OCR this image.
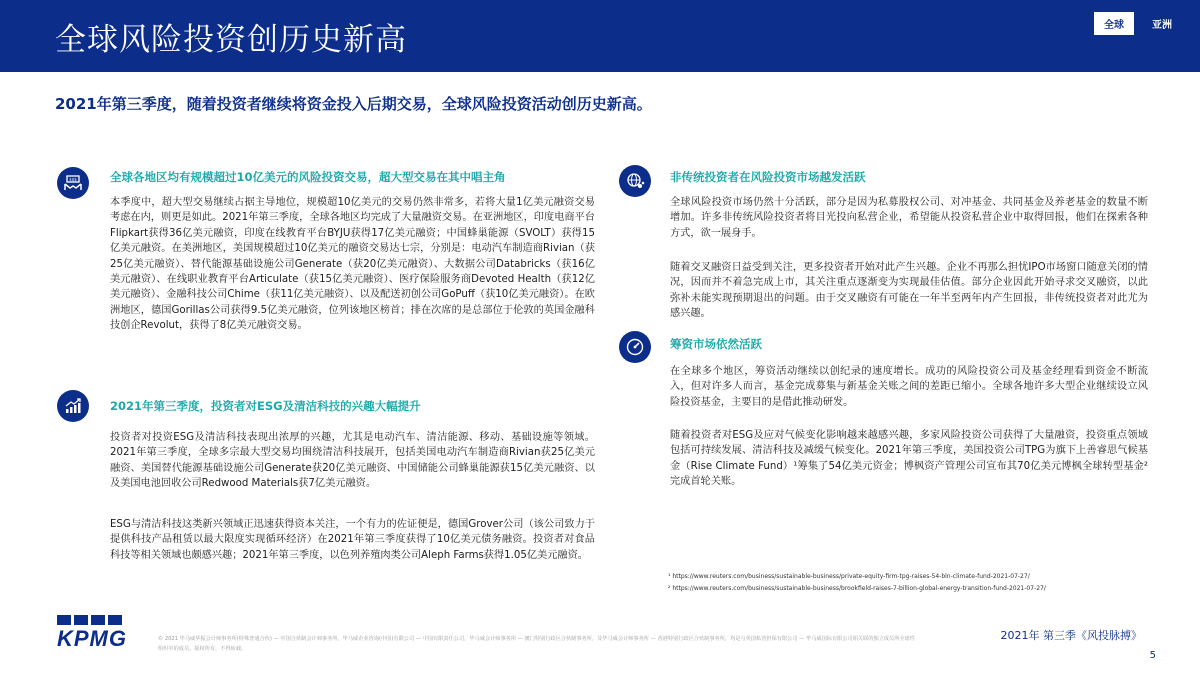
全球风险投资创历史新高	全球	亚洲
2021年第三季度，随着投资者继续将资金投入后期交易，全球风险投资活动创历史新高。
$$$	全球各地区均有规模超过10亿美元的风险投资交易，超大型交易在其中唱主角

本季度中，超大型交易继续占据主导地位，规模超10亿美元的交易仍然非常多，若将大量1亿美元融资交易考虑在内，则更是如此。2021年第三季度，全球各地区均完成了大量融资交易。在亚洲地区，印度电商平台Flipkart获得36亿美元融资，印度在线教育平台BYJU获得17亿美元融资；中国蜂巢能源（SVOLT）获得15亿美元融资。在美洲地区，美国规模超过10亿美元的融资交易达七宗，分别是：电动汽车制造商Rivian（获25亿美元融资）、替代能源基础设施公司Generate（获20亿美元融资）、大数据公司Databricks（获16亿美元融资）、在线职业教育平台Articulate（获15亿美元融资）、医疗保险服务商Devoted Health（获12亿美元融资）、金融科技公司Chime（获11亿美元融资）、以及配送初创公司GoPuff（获10亿美元融资）。在欧洲地区，德国Gorillas公司获得9.5亿美元融资，位列该地区榜首；排在次席的是总部位于伦敦的英国金融科技创企Revolut，获得了8亿美元融资交易。

2021年第三季度，投资者对ESG及清洁科技的兴趣大幅提升

投资者对投资ESG及清洁科技表现出浓厚的兴趣，尤其是电动汽车、清洁能源、移动、基础设施等领域。2021年第三季度，全球多宗最大型交易均围绕清洁科技展开，包括美国电动汽车制造商Rivian获25亿美元融资、美国替代能源基础设施公司Generate获20亿美元融资、中国储能公司蜂巢能源获15亿美元融资、以及美国电池回收公司Redwood Materials获7亿美元融资。

ESG与清洁科技这类新兴领域正迅速获得资本关注，一个有力的佐证便是，德国Grover公司（该公司致力于提供科技产品租赁以最大限度实现循环经济）在2021年第三季度获得了10亿美元债务融资。投资者对食品科技等相关领域也颇感兴趣；2021年第三季度，以色列养殖肉类公司Aleph Farms获得1.05亿美元融资。

非传统投资者在风险投资市场越发活跃

全球风险投资市场仍然十分活跃，部分是因为私募股权公司、对冲基金、共同基金及养老基金的数量不断增加。许多非传统风险投资者将目光投向私营企业，希望能从投资私营企业中取得回报，他们在探索各种方式，欲一展身手。

随着交叉融资日益受到关注，更多投资者开始对此产生兴趣。企业不再那么担忧IPO市场窗口随意关闭的情况，因而并不着急完成上市，其关注重点逐渐变为实现最佳估值。部分企业因此开始寻求交叉融资，以此弥补未能实现预期退出的问题。由于交叉融资有可能在一年半至两年内产生回报，非传统投资者对此尤为感兴趣。

筹资市场依然活跃

在全球多个地区，筹资活动继续以创纪录的速度增长。成功的风险投资公司及基金经理看到资金不断流入，但对许多人而言，基金完成募集与新基金关账之间的差距已缩小。全球各地许多大型企业继续设立风险投资基金，主要目的是借此推动研发。

随着投资者对ESG及应对气候变化影响越来越感兴趣，多家风险投资公司获得了大量融资，投资重点领域包括可持续发展、清洁科技及减缓气候变化。2021年第三季度，美国投资公司TPG为旗下上善睿思气候基金（Rise Climate Fund）¹筹集了54亿美元资金；博枫资产管理公司宣布其70亿美元博枫全球转型基金²完成首轮关账。

¹ https://www.reuters.com/business/sustainable-business/private-equity-firm-tpg-raises-54-bln-climate-fund-2021-07-27/
² https://www.reuters.com/business/sustainable-business/brookfield-raises-7-billion-global-energy-transition-fund-2021-07-27/
KPMG	© 2021 毕马威华振会计师事务所(特殊普通合伙) — 中国合伙制会计师事务所，毕马威企业咨询(中国)有限公司 — 中国有限责任公司，毕马威会计师事务所 — 澳门特别行政区合伙制事务所，及毕马威会计师事务所 — 香港特别行政区合伙制事务所，均是与英国私营担保有限公司 — 毕马威国际有限公司相关联的独立成员所全球性组织中的成员。版权所有，不得转载。

2021年 第三季《风投脉搏》
5
